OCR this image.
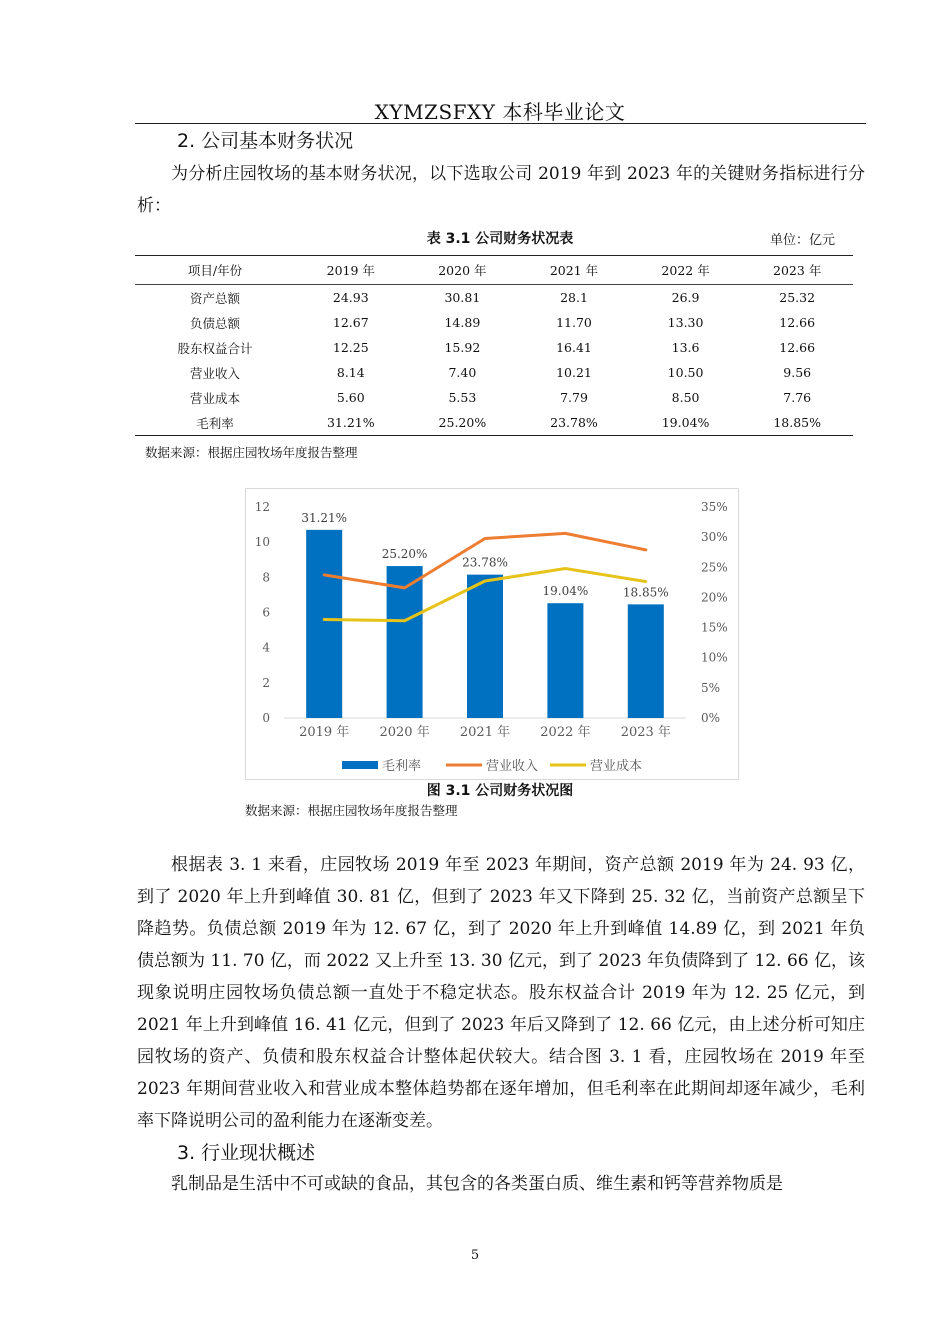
XYMZSFXY 本科毕业论文
2. 公司基本财务状况

为分析庄园牧场的基本财务状况，以下选取公司 2019 年到 2023 年的关键财务指标进行分析：

表 3.1 公司财务状况表	单位：亿元
项目/年份	2019 年	2020 年	2021 年	2022 年	2023 年
资产总额	24.93	30.81	28.1	26.9	25.32
负债总额	12.67	14.89	11.70	13.30	12.66
股东权益合计	12.25	15.92	16.41	13.6	12.66
营业收入	8.14	7.40	10.21	10.50	9.56
营业成本	5.60	5.53	7.79	8.50	7.76
毛利率	31.21%	25.20%	23.78%	19.04%	18.85%
数据来源：根据庄园牧场年度报告整理
0
2
4
6
8
10
12
0%
5%
10%
15%
20%
25%
30%
35%
2019 年 2020 年 2021 年 2022 年 2023 年
31.21%
25.20%
23.78%
19.04%	18.85%
毛利率	营业收入	营业成本
图 3.1 公司财务状况图
数据来源：根据庄园牧场年度报告整理

根据表 3. 1 来看，庄园牧场 2019 年至 2023 年期间，资产总额 2019 年为 24. 93 亿，到了 2020 年上升到峰值 30. 81 亿，但到了 2023 年又下降到 25. 32 亿，当前资产总额呈下降趋势。负债总额 2019 年为 12. 67 亿，到了 2020 年上升到峰值 14.89 亿，到 2021 年负债总额为 11. 70 亿，而 2022 又上升至 13. 30 亿元，到了 2023 年负债降到了 12. 66 亿，该现象说明庄园牧场负债总额一直处于不稳定状态。股东权益合计 2019 年为 12. 25 亿元，到 2021 年上升到峰值 16. 41 亿元，但到了 2023 年后又降到了 12. 66 亿元，由上述分析可知庄园牧场的资产、负债和股东权益合计整体起伏较大。结合图 3. 1 看，庄园牧场在 2019 年至 2023 年期间营业收入和营业成本整体趋势都在逐年增加，但毛利率在此期间却逐年减少，毛利率下降说明公司的盈利能力在逐渐变差。

3. 行业现状概述

乳制品是生活中不可或缺的食品，其包含的各类蛋白质、维生素和钙等营养物质是

5
